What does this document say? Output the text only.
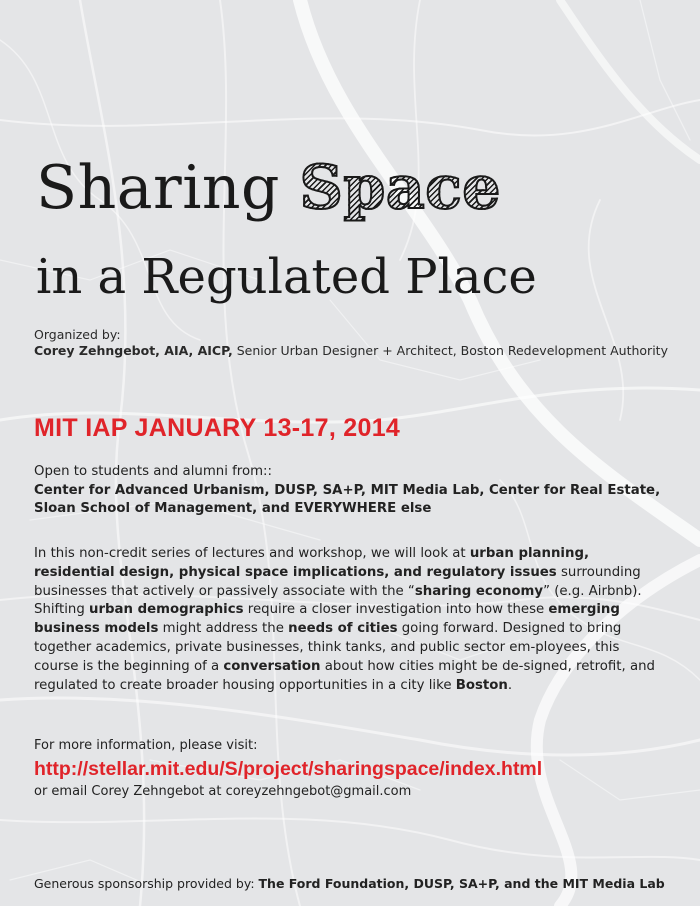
Sharing Space
in a Regulated Place
Organized by:
Corey Zehngebot, AIA, AICP, Senior Urban Designer + Architect, Boston Redevelopment Authority
MIT IAP JANUARY 13-17, 2014
Open to students and alumni from::
Center for Advanced Urbanism, DUSP, SA+P, MIT Media Lab, Center for Real Estate,
Sloan School of Management, and EVERYWHERE else
In this non-credit series of lectures and workshop, we will look at urban planning, residential design, physical space implications, and regulatory issues surrounding businesses that actively or passively associate with the “sharing economy” (e.g. Airbnb). Shifting urban demographics require a closer investigation into how these emerging business models might address the needs of cities going forward. Designed to bring together academics, private businesses, think tanks, and public sector em-ployees, this course is the beginning of a conversation about how cities might be de-signed, retrofit, and regulated to create broader housing opportunities in a city like Boston.
For more information, please visit:
http://stellar.mit.edu/S/project/sharingspace/index.html
or email Corey Zehngebot at coreyzehngebot@gmail.com
Generous sponsorship provided by: The Ford Foundation, DUSP, SA+P, and the MIT Media Lab
